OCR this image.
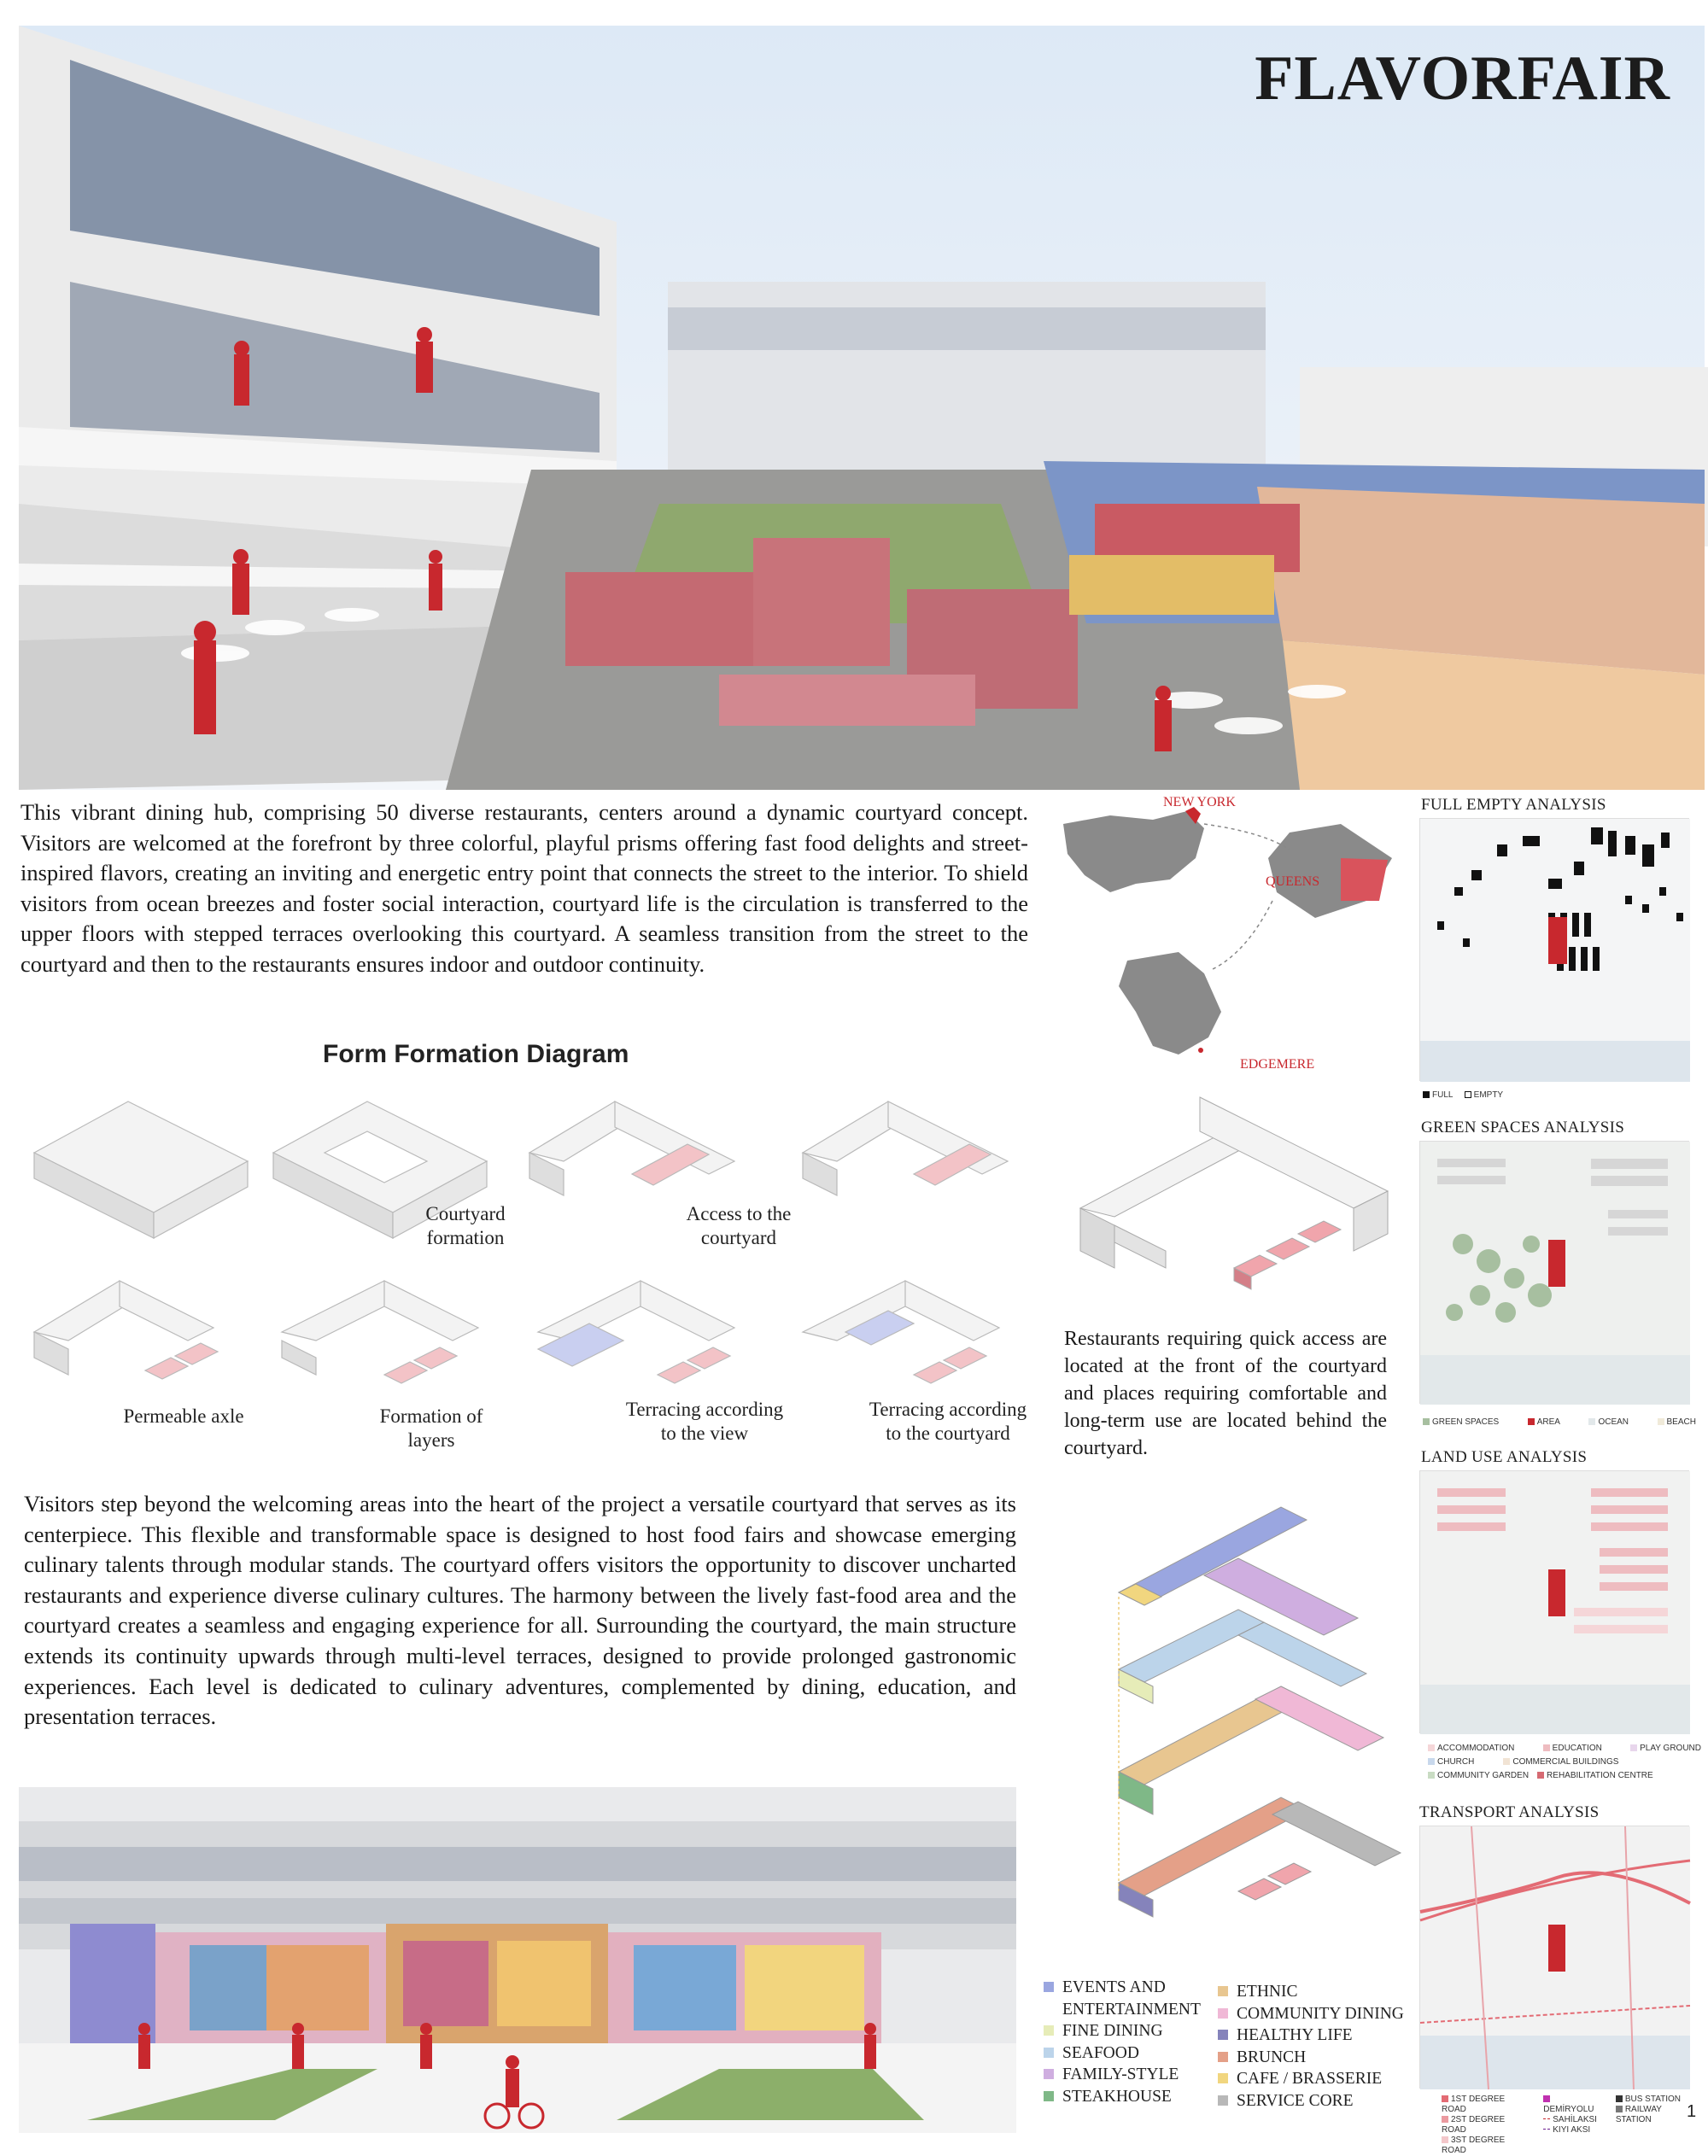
FLAVORFAIR

This vibrant dining hub, comprising 50 diverse restaurants, centers around a dynamic courtyard concept. Visitors are welcomed at the forefront by three colorful, playful prisms offering fast food delights and street-inspired flavors, creating an inviting and energetic entry point that connects the street to the interior. To shield visitors from ocean breezes and foster social interaction, courtyard life is the circulation is transferred to the upper floors with stepped terraces overlooking this courtyard. A seamless transition from the street to the courtyard and then to the restaurants ensures indoor and outdoor continuity.

Form Formation Diagram
Courtyard formation
Access to the courtyard
Permeable axle	Formation of layers
Terracing according to the view
Terracing according to the courtyard

Visitors step beyond the welcoming areas into the heart of the project a versatile courtyard that serves as its centerpiece. This flexible and transformable space is designed to host food fairs and showcase emerging culinary talents through modular stands. The courtyard offers visitors the opportunity to discover uncharted restaurants and experience diverse culinary cultures. The harmony between the lively fast-food area and the courtyard creates a seamless and engaging experience for all. Surrounding the courtyard, the main structure extends its continuity upwards through multi-level terraces, designed to provide prolonged gastronomic experiences. Each level is dedicated to culinary adventures, complemented by dining, education, and presentation terraces.

NEW YORK
QUEENS
EDGEMERE

Restaurants requiring quick access are located at the front of the courtyard and places requiring comfortable and long-term use are located behind the courtyard.

EVENTS AND ENTERTAINMENT
FINE DINING
SEAFOOD
FAMILY-STYLE
STEAKHOUSE
ETHNIC
COMMUNITY DINING
HEALTHY LIFE
BRUNCH
CAFE / BRASSERIE
SERVICE CORE
FULL EMPTY ANALYSIS
FULL EMPTY
GREEN SPACES ANALYSIS
GREEN SPACES	AREA	OCEAN	BEACH
LAND USE ANALYSIS
ACCOMMODATION	EDUCATION	PLAY GROUND
CHURCH	COMMERCIAL BUILDINGS
COMMUNITY GARDEN	REHABILITATION CENTRE
TRANSPORT ANALYSIS
1ST DEGREE ROAD
2ST DEGREE ROAD
3ST DEGREE ROAD
DEMİRYOLU
SAHİLAKSI
KIYI AKSI
BUS STATION
RAILWAY STATION	1
